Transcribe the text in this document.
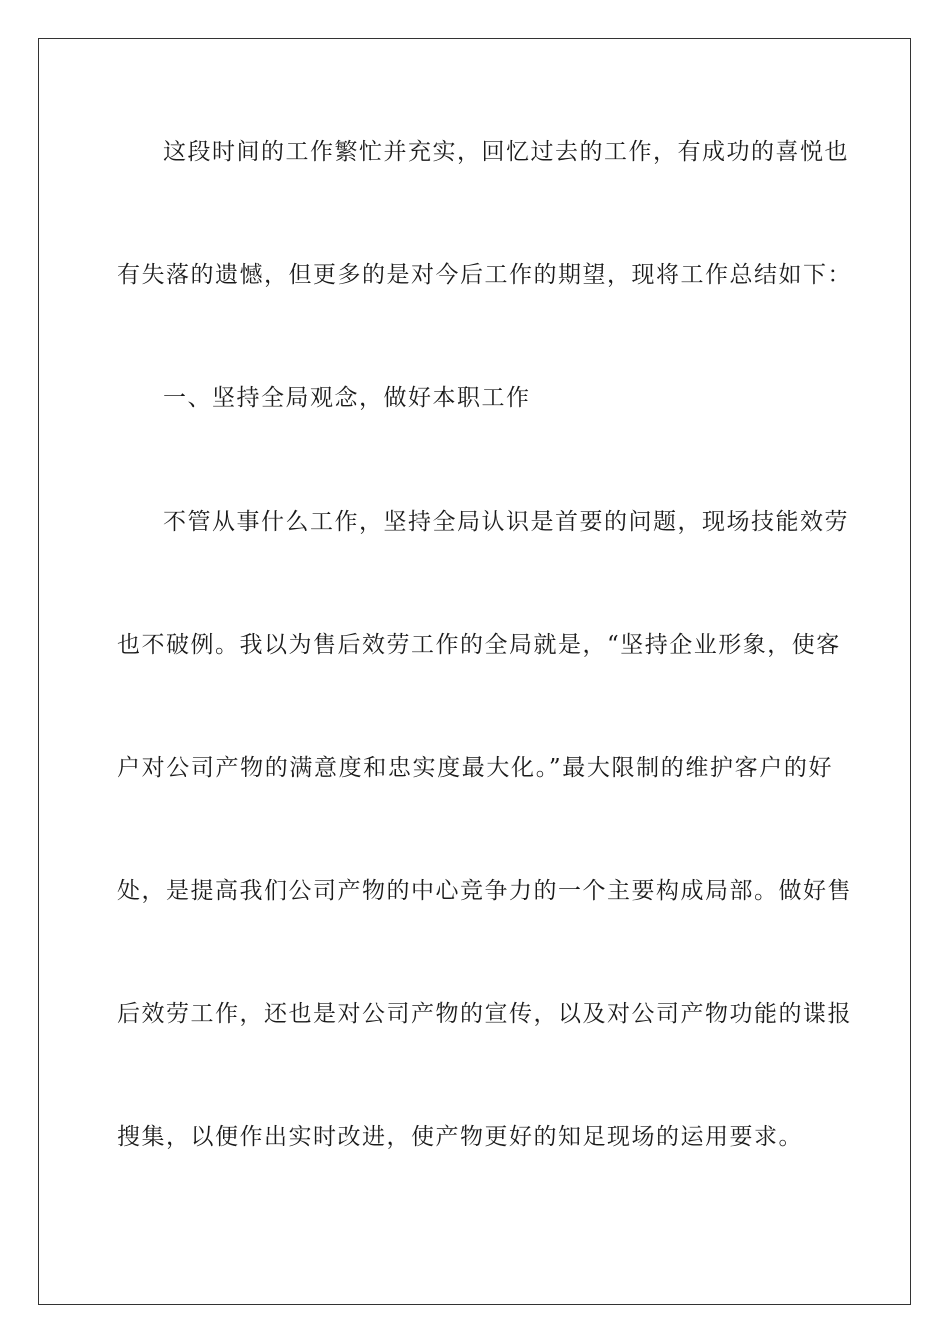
这段时间的工作繁忙并充实，回忆过去的工作，有成功的喜悦也
有失落的遗憾，但更多的是对今后工作的期望，现将工作总结如下：
一、坚持全局观念，做好本职工作
不管从事什么工作，坚持全局认识是首要的问题，现场技能效劳
也不破例。我以为售后效劳工作的全局就是，“坚持企业形象，使客
户对公司产物的满意度和忠实度最大化。”最大限制的维护客户的好
处，是提高我们公司产物的中心竞争力的一个主要构成局部。做好售
后效劳工作，还也是对公司产物的宣传，以及对公司产物功能的谍报
搜集，以便作出实时改进，使产物更好的知足现场的运用要求。
